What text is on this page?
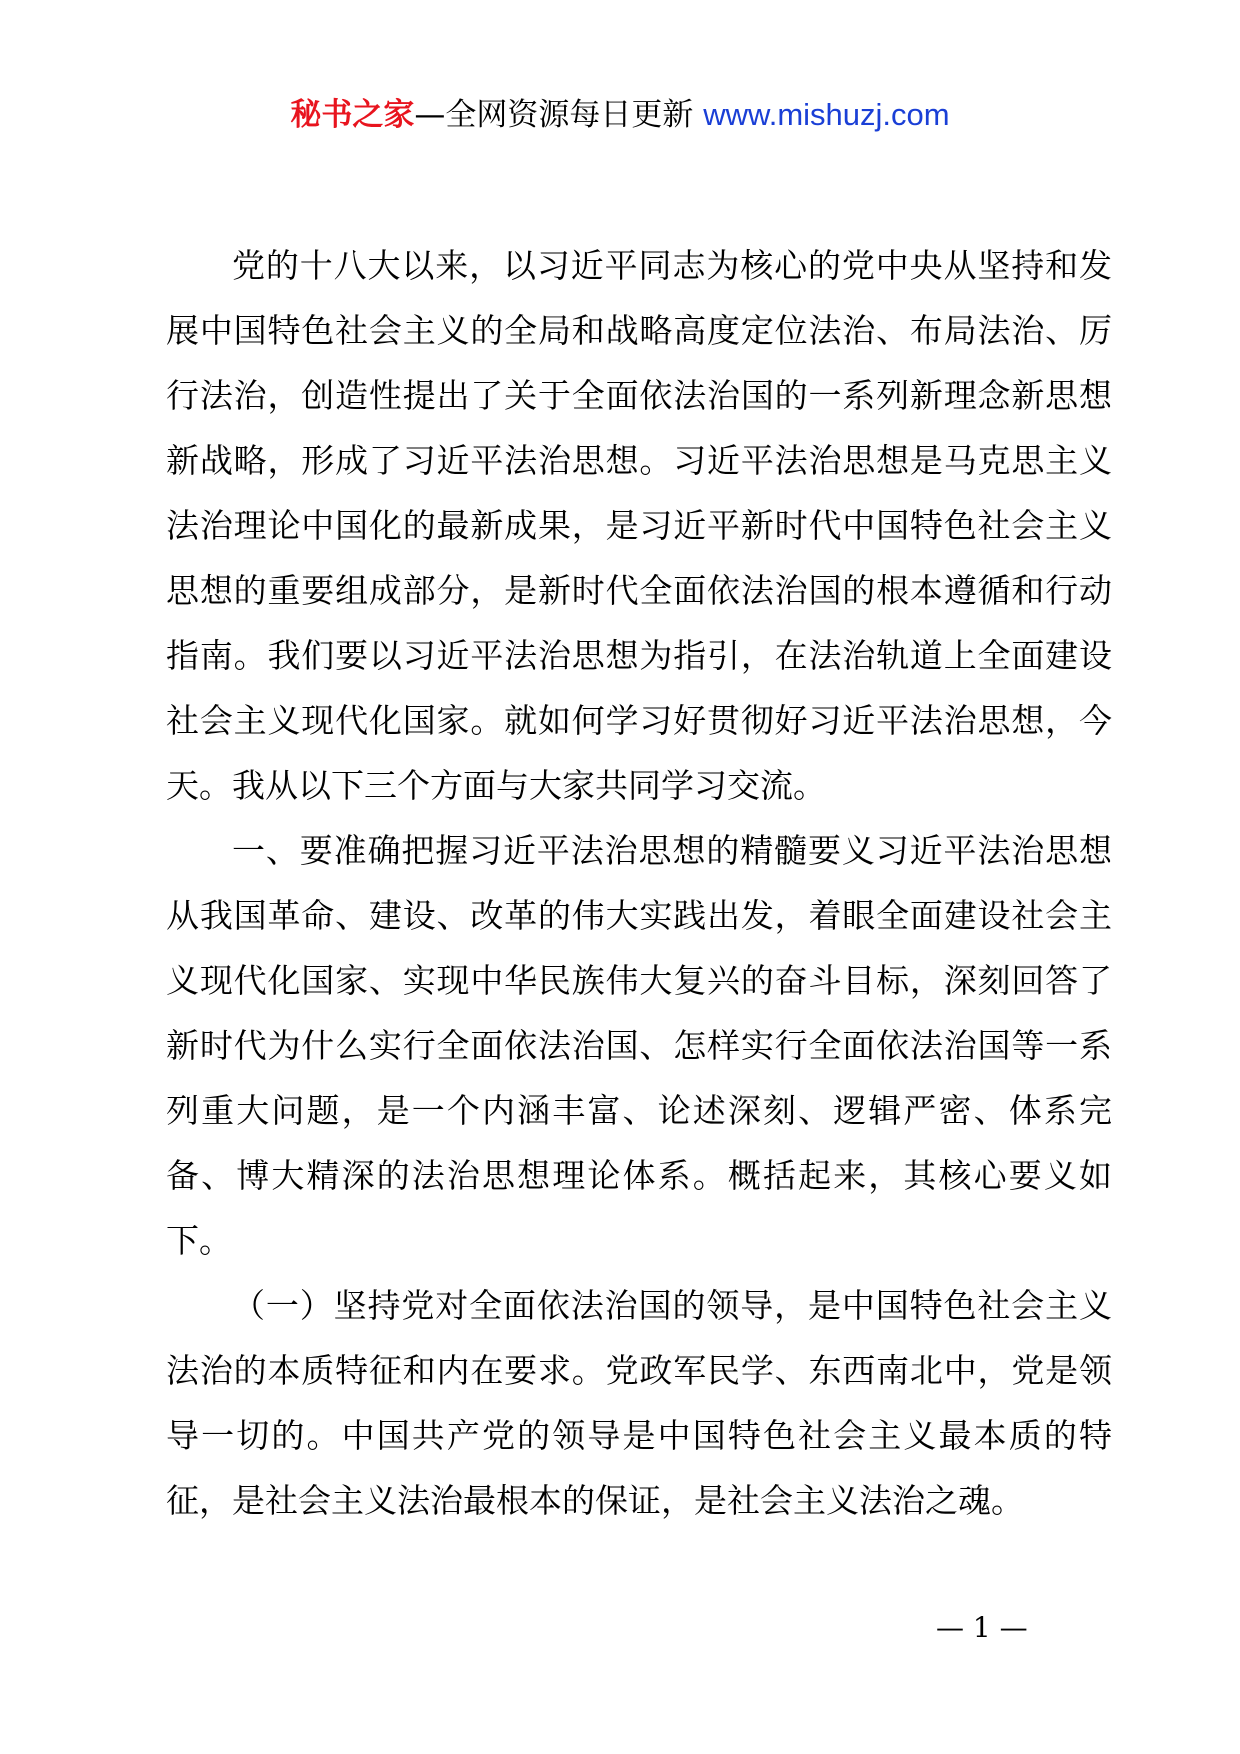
秘书之家—全网资源每日更新 www.mishuzj.com

党的十八大以来，以习近平同志为核心的党中央从坚持和发展中国特色社会主义的全局和战略高度定位法治、布局法治、厉行法治，创造性提出了关于全面依法治国的一系列新理念新思想新战略，形成了习近平法治思想。习近平法治思想是马克思主义法治理论中国化的最新成果，是习近平新时代中国特色社会主义思想的重要组成部分，是新时代全面依法治国的根本遵循和行动指南。我们要以习近平法治思想为指引，在法治轨道上全面建设社会主义现代化国家。就如何学习好贯彻好习近平法治思想，今天。我从以下三个方面与大家共同学习交流。

一、要准确把握习近平法治思想的精髓要义习近平法治思想从我国革命、建设、改革的伟大实践出发，着眼全面建设社会主义现代化国家、实现中华民族伟大复兴的奋斗目标，深刻回答了新时代为什么实行全面依法治国、怎样实行全面依法治国等一系列重大问题，是一个内涵丰富、论述深刻、逻辑严密、体系完备、博大精深的法治思想理论体系。概括起来，其核心要义如下。

（一）坚持党对全面依法治国的领导，是中国特色社会主义法治的本质特征和内在要求。党政军民学、东西南北中，党是领导一切的。中国共产党的领导是中国特色社会主义最本质的特征，是社会主义法治最根本的保证，是社会主义法治之魂。

— 1 —
